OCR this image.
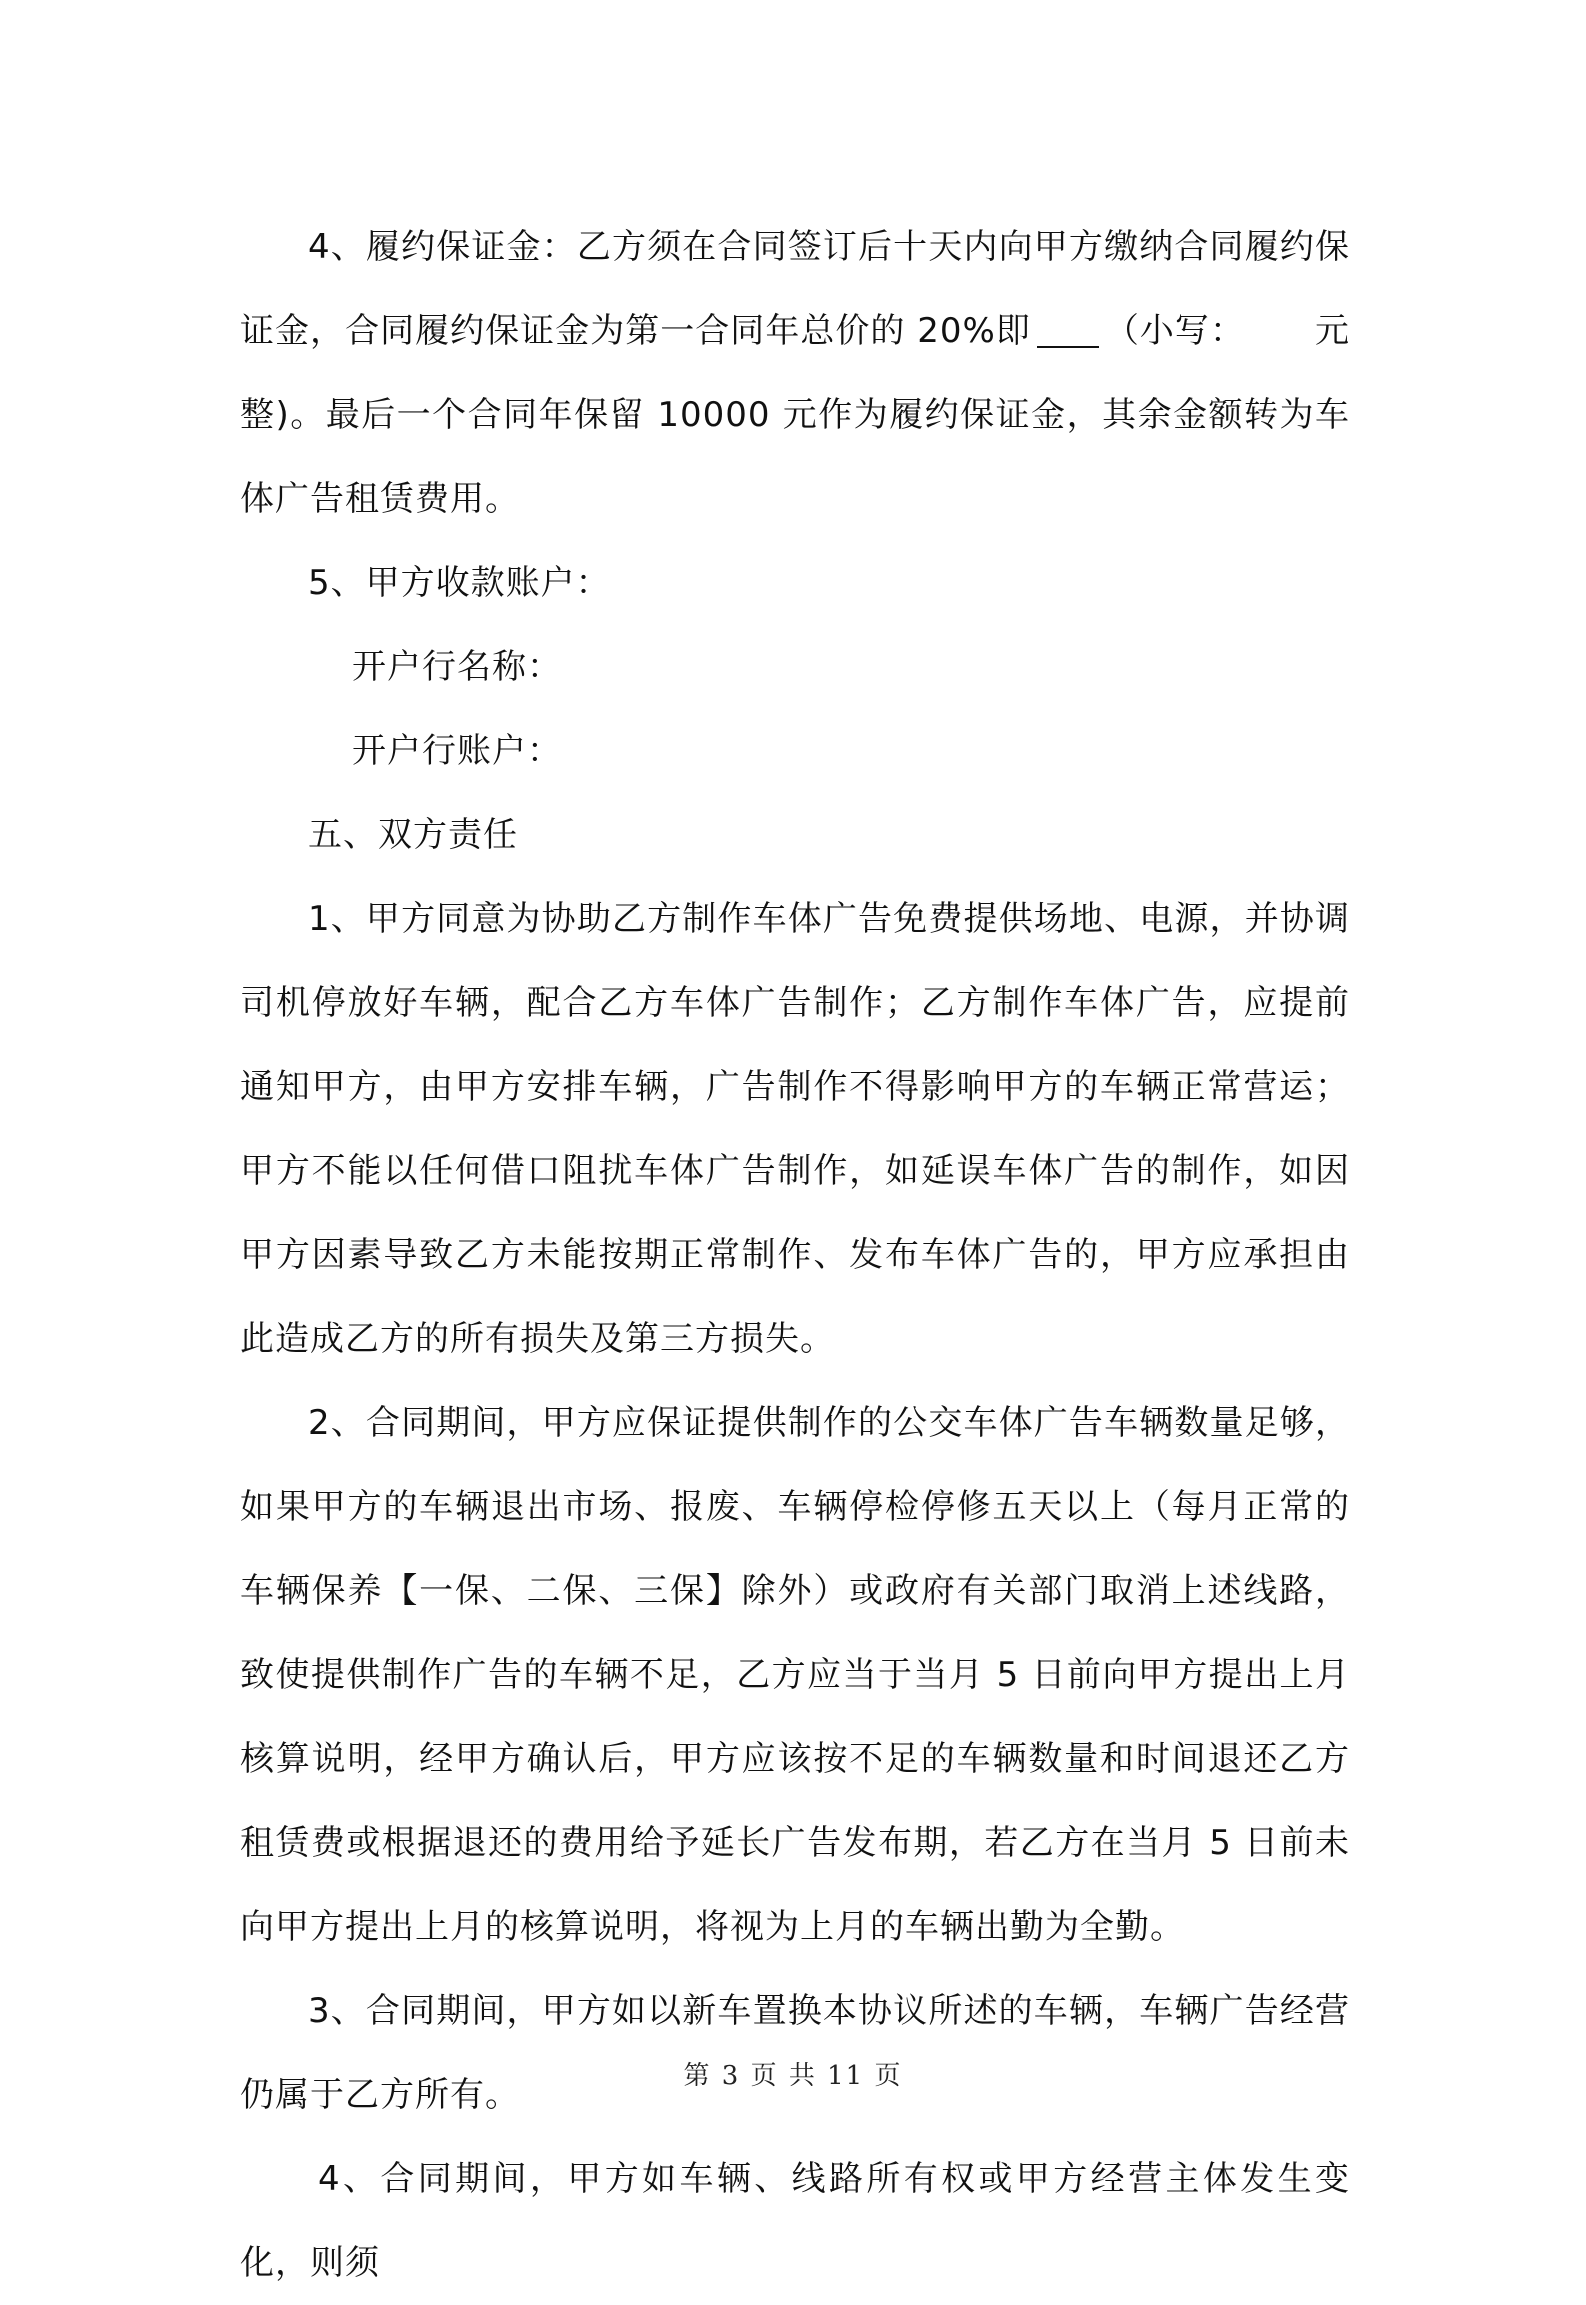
4、履约保证金：乙方须在合同签订后十天内向甲方缴纳合同履约保证金，合同履约保证金为第一合同年总价的 20%即 （小写： 元整)。最后一个合同年保留 10000 元作为履约保证金，其余金额转为车体广告租赁费用。

5、甲方收款账户：

开户行名称：

开户行账户：

五、双方责任

1、甲方同意为协助乙方制作车体广告免费提供场地、电源，并协调司机停放好车辆，配合乙方车体广告制作；乙方制作车体广告，应提前通知甲方，由甲方安排车辆，广告制作不得影响甲方的车辆正常营运；甲方不能以任何借口阻扰车体广告制作，如延误车体广告的制作，如因甲方因素导致乙方未能按期正常制作、发布车体广告的，甲方应承担由此造成乙方的所有损失及第三方损失。

2、合同期间，甲方应保证提供制作的公交车体广告车辆数量足够，如果甲方的车辆退出市场、报废、车辆停检停修五天以上（每月正常的车辆保养【一保、二保、三保】除外）或政府有关部门取消上述线路，致使提供制作广告的车辆不足，乙方应当于当月 5 日前向甲方提出上月核算说明，经甲方确认后，甲方应该按不足的车辆数量和时间退还乙方租赁费或根据退还的费用给予延长广告发布期，若乙方在当月 5 日前未向甲方提出上月的核算说明，将视为上月的车辆出勤为全勤。

3、合同期间，甲方如以新车置换本协议所述的车辆，车辆广告经营仍属于乙方所有。

4、合同期间，甲方如车辆、线路所有权或甲方经营主体发生变化，则须

第 3 页 共 11 页
